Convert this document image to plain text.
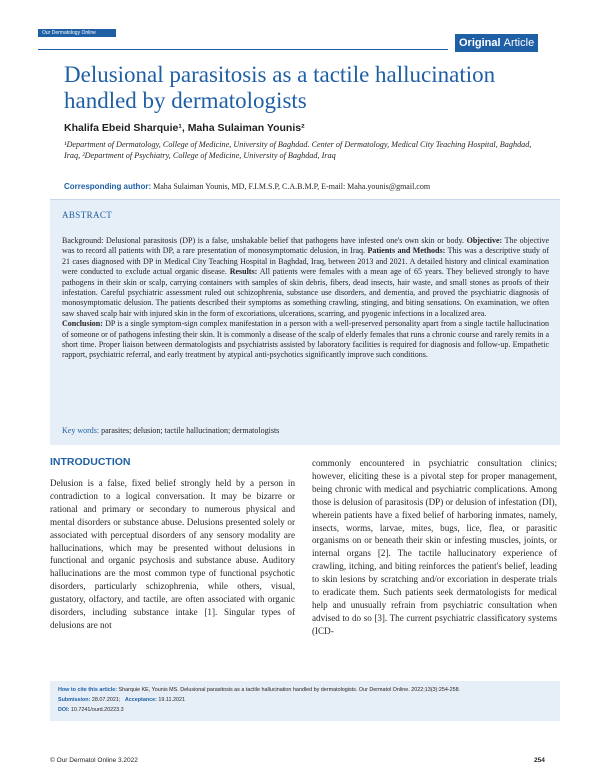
Our Dermatology Online
Original Article
Delusional parasitosis as a tactile hallucination handled by dermatologists
Khalifa Ebeid Sharquie¹, Maha Sulaiman Younis²
¹Department of Dermatology, College of Medicine, University of Baghdad. Center of Dermatology, Medical City Teaching Hospital, Baghdad, Iraq, ²Department of Psychiatry, College of Medicine, University of Baghdad, Iraq
Corresponding author: Maha Sulaiman Younis, MD, F.I.M.S.P, C.A.B.M.P, E-mail: Maha.younis@gmail.com
ABSTRACT
Background: Delusional parasitosis (DP) is a false, unshakable belief that pathogens have infested one's own skin or body. Objective: The objective was to record all patients with DP, a rare presentation of monosymptomatic delusion, in Iraq. Patients and Methods: This was a descriptive study of 21 cases diagnosed with DP in Medical City Teaching Hospital in Baghdad, Iraq, between 2013 and 2021. A detailed history and clinical examination were conducted to exclude actual organic disease. Results: All patients were females with a mean age of 65 years. They believed strongly to have pathogens in their skin or scalp, carrying containers with samples of skin debris, fibers, dead insects, hair waste, and small stones as proofs of their infestation. Careful psychiatric assessment ruled out schizophrenia, substance use disorders, and dementia, and proved the psychiatric diagnosis of monosymptomatic delusion. The patients described their symptoms as something crawling, stinging, and biting sensations. On examination, we often saw shaved scalp hair with injured skin in the form of excoriations, ulcerations, scarring, and pyogenic infections in a localized area.
Conclusion: DP is a single symptom-sign complex manifestation in a person with a well-preserved personality apart from a single tactile hallucination of someone or of pathogens infesting their skin. It is commonly a disease of the scalp of elderly females that runs a chronic course and rarely remits in a short time. Proper liaison between dermatologists and psychiatrists assisted by laboratory facilities is required for diagnosis and follow-up. Empathetic rapport, psychiatric referral, and early treatment by atypical anti-psychotics significantly improve such conditions.
Key words: parasites; delusion; tactile hallucination; dermatologists
INTRODUCTION
Delusion is a false, fixed belief strongly held by a person in contradiction to a logical conversation. It may be bizarre or rational and primary or secondary to numerous physical and mental disorders or substance abuse. Delusions presented solely or associated with perceptual disorders of any sensory modality are hallucinations, which may be presented without delusions in functional and organic psychosis and substance abuse. Auditory hallucinations are the most common type of functional psychotic disorders, particularly schizophrenia, while others, visual, gustatory, olfactory, and tactile, are often associated with organic disorders, including substance intake [1]. Singular types of delusions are not
commonly encountered in psychiatric consultation clinics; however, eliciting these is a pivotal step for proper management, being chronic with medical and psychiatric complications. Among those is delusion of parasitosis (DP) or delusion of infestation (DI), wherein patients have a fixed belief of harboring inmates, namely, insects, worms, larvae, mites, bugs, lice, flea, or parasitic organisms on or beneath their skin or infesting muscles, joints, or internal organs [2]. The tactile hallucinatory experience of crawling, itching, and biting reinforces the patient's belief, leading to skin lesions by scratching and/or excoriation in desperate trials to eradicate them. Such patients seek dermatologists for medical help and unusually refrain from psychiatric consultation when advised to do so [3]. The current psychiatric classificatory systems (ICD-
How to cite this article: Sharquie KE, Younis MS. Delusional parasitosis as a tactile hallucination handled by dermatologists. Our Dermatol Online. 2022;13(3):254-258.
Submission: 28.07.2021; Acceptance: 19.11.2021
DOI: 10.7241/ourd.20223.3
© Our Dermatol Online 3.2022	254
